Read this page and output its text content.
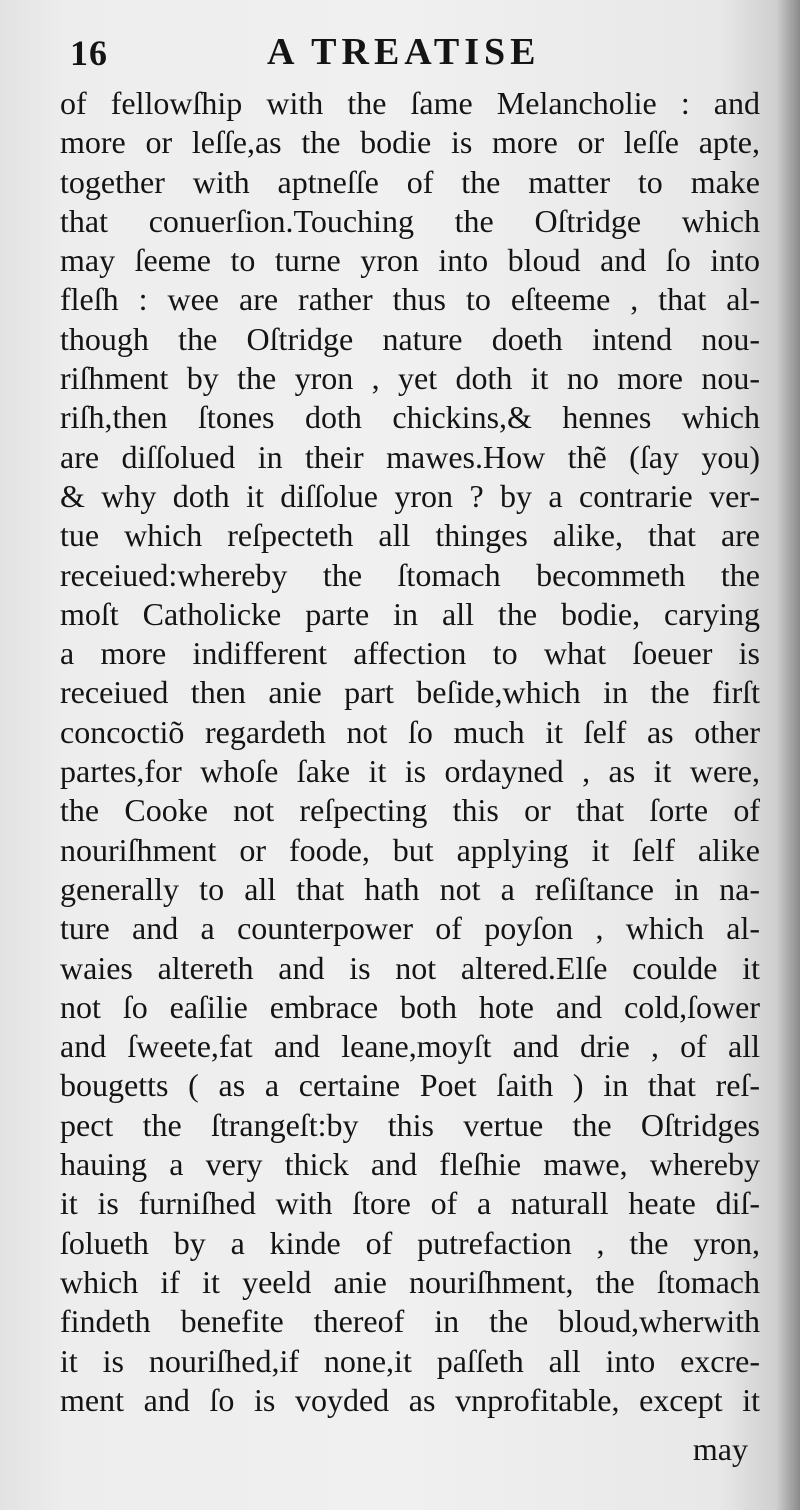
16	A TREATISE
of fellowſhip with the ſame Melancholie : and
more or leſſe,as the bodie is more or leſſe apte,
together with aptneſſe of the matter to make
that conuerſion.Touching the Oſtridge which
may ſeeme to turne yron into bloud and ſo into
fleſh : wee are rather thus to eſteeme , that al-
though the Oſtridge nature doeth intend nou-
riſhment by the yron , yet doth it no more nou-
riſh,then ſtones doth chickins,& hennes which
are diſſolued in their mawes.How thẽ (ſay you)
& why doth it diſſolue yron ? by a contrarie ver-
tue which reſpecteth all thinges alike, that are
receiued:whereby the ſtomach becommeth the
moſt Catholicke parte in all the bodie, carying
a more indifferent affection to what ſoeuer is
receiued then anie part beſide,which in the firſt
concoctiõ regardeth not ſo much it ſelf as other
partes,for whoſe ſake it is ordayned , as it were,
the Cooke not reſpecting this or that ſorte of
nouriſhment or foode, but applying it ſelf alike
generally to all that hath not a reſiſtance in na-
ture and a counterpower of poyſon , which al-
waies altereth and is not altered.Elſe coulde it
not ſo eaſilie embrace both hote and cold,ſower
and ſweete,fat and leane,moyſt and drie , of all
bougetts ( as a certaine Poet ſaith ) in that reſ-
pect the ſtrangeſt:by this vertue the Oſtridges
hauing a very thick and fleſhie mawe, whereby
it is furniſhed with ſtore of a naturall heate diſ-
ſolueth by a kinde of putrefaction , the yron,
which if it yeeld anie nouriſhment, the ſtomach
findeth benefite thereof in the bloud,wherwith
it is nouriſhed,if none,it paſſeth all into excre-
ment and ſo is voyded as vnprofitable, except it
may
